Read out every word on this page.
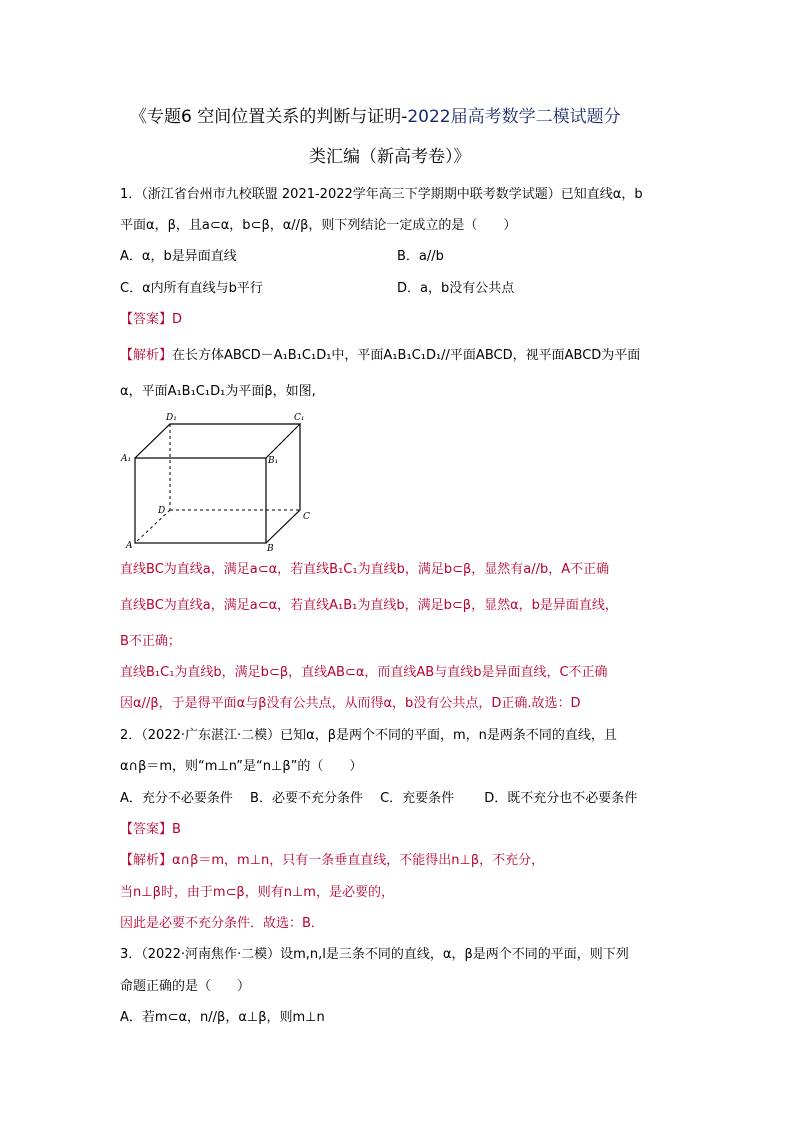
《专题6 空间位置关系的判断与证明-2022届高考数学二模试题分
类汇编（新高考卷）》
1．（浙江省台州市九校联盟 2021-2022学年高三下学期期中联考数学试题）已知直线α，b
平面α，β，且a⊂α，b⊂β，α//β，则下列结论一定成立的是（　　）
A．α，b是异面直线	B．a//b
C．α内所有直线与b平行	D．a，b没有公共点
【答案】D
【解析】在长方体ABCD－A₁B₁C₁D₁中，平面A₁B₁C₁D₁//平面ABCD，视平面ABCD为平面
α，平面A₁B₁C₁D₁为平面β，如图,
D₁	C₁
A₁	B₁
D
C
A	B
直线BC为直线a，满足a⊂α，若直线B₁C₁为直线b，满足b⊂β，显然有a//b，A不正确
直线BC为直线a，满足a⊂α，若直线A₁B₁为直线b，满足b⊂β，显然α，b是异面直线，
B不正确；
直线B₁C₁为直线b，满足b⊂β，直线AB⊂α，而直线AB与直线b是异面直线，C不正确
因α//β，于是得平面α与β没有公共点，从而得α，b没有公共点，D正确.故选：D
2．（2022·广东湛江·二模）已知α，β是两个不同的平面，m，n是两条不同的直线，且
α∩β＝m，则“m⊥n”是“n⊥β”的（　　）
A．充分不必要条件　 B．必要不充分条件　 C．充要条件　　 D．既不充分也不必要条件
【答案】B
【解析】α∩β＝m，m⊥n，只有一条垂直直线，不能得出n⊥β，不充分，
当n⊥β时，由于m⊂β，则有n⊥m，是必要的，
因此是必要不充分条件．故选：B．
3．（2022·河南焦作·二模）设m,n,l是三条不同的直线，α，β是两个不同的平面，则下列
命题正确的是（　　）
A．若m⊂α，n//β，α⊥β，则m⊥n
